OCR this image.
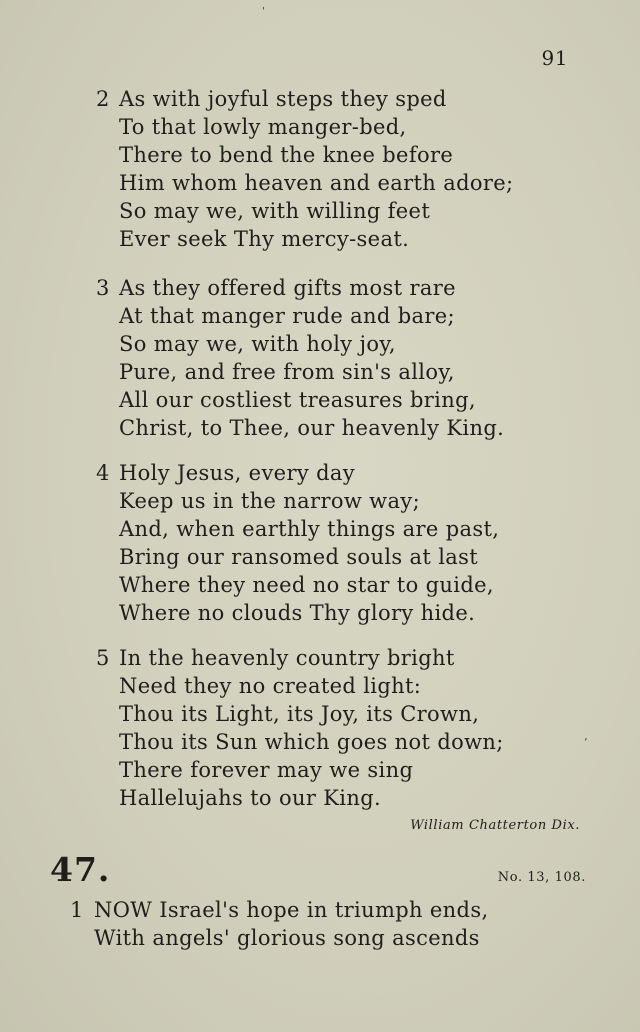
91
2 As with joyful steps they sped
To that lowly manger-bed,
There to bend the knee before
Him whom heaven and earth adore;
So may we, with willing feet
Ever seek Thy mercy-seat.
3 As they offered gifts most rare
At that manger rude and bare;
So may we, with holy joy,
Pure, and free from sin's alloy,
All our costliest treasures bring,
Christ, to Thee, our heavenly King.
4 Holy Jesus, every day
Keep us in the narrow way;
And, when earthly things are past,
Bring our ransomed souls at last
Where they need no star to guide,
Where no clouds Thy glory hide.
5 In the heavenly country bright
Need they no created light:
Thou its Light, its Joy, its Crown,
Thou its Sun which goes not down;
There forever may we sing
Hallelujahs to our King.
William Chatterton Dix.
47.	No. 13, 108.
1 NOW Israel's hope in triumph ends,
With angels' glorious song ascends
’
ˌ
